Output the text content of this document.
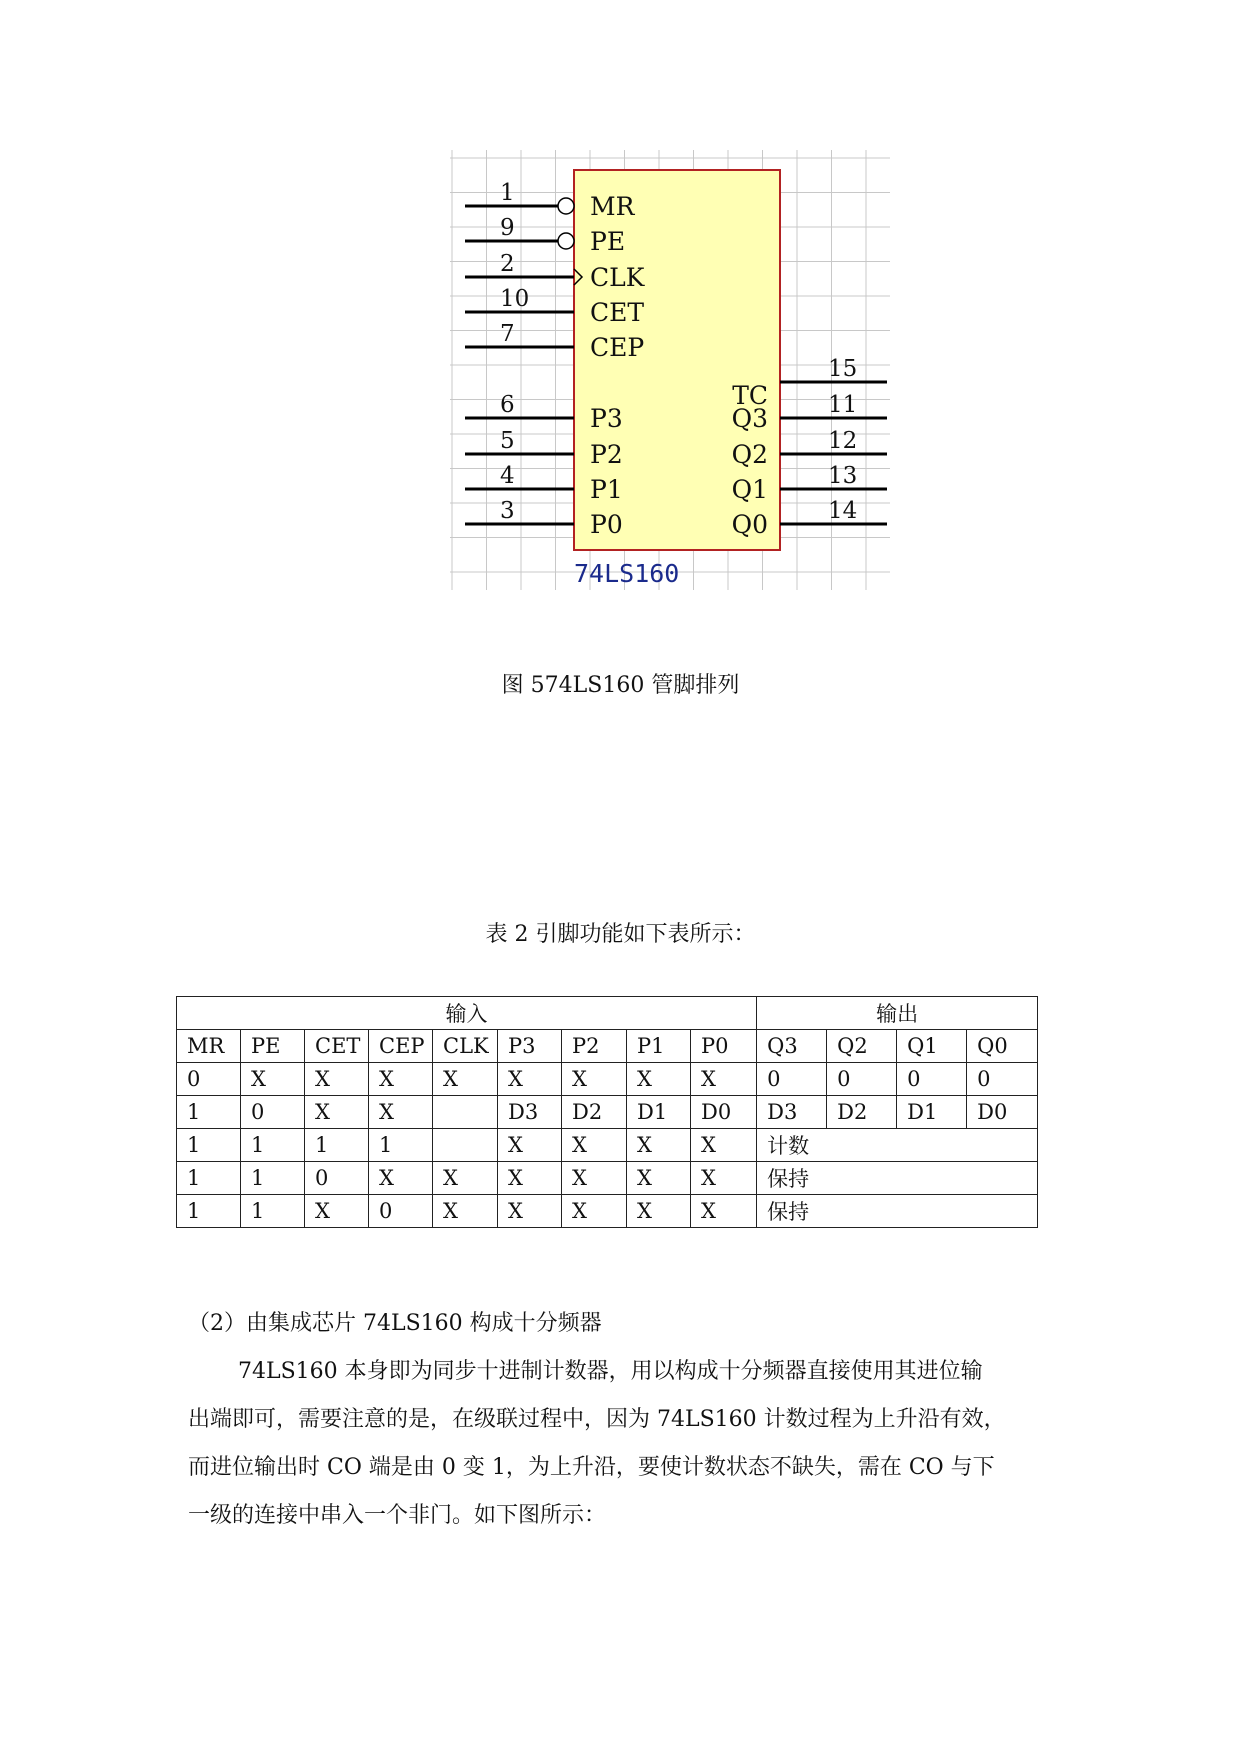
1	MR
9	PE
2	CLK
10 CET
7	CEP
6	P3
5	P2
4	P1
3	P0
15
TC	11
Q3
12
Q2
13
Q1
14
Q0
74LS160
图 574LS160 管脚排列
表 2 引脚功能如下表所示：
输入									输出			
MR	PE	CET	CEP	CLK	P3	P2	P1	P0	Q3	Q2	Q1	Q0
0	X	X	X	X	X	X	X	X	0	0	0	0
1	0	X	X		D3	D2	D1	D0	D3	D2	D1	D0
1	1	1	1		X	X	X	X	计数			
1	1	0	X	X	X	X	X	X	保持			
1	1	X	0	X	X	X	X	X	保持			
（2）由集成芯片 74LS160 构成十分频器
74LS160 本身即为同步十进制计数器，用以构成十分频器直接使用其进位输
出端即可，需要注意的是，在级联过程中，因为 74LS160 计数过程为上升沿有效，
而进位输出时 CO 端是由 0 变 1，为上升沿，要使计数状态不缺失，需在 CO 与下
一级的连接中串入一个非门。如下图所示：
